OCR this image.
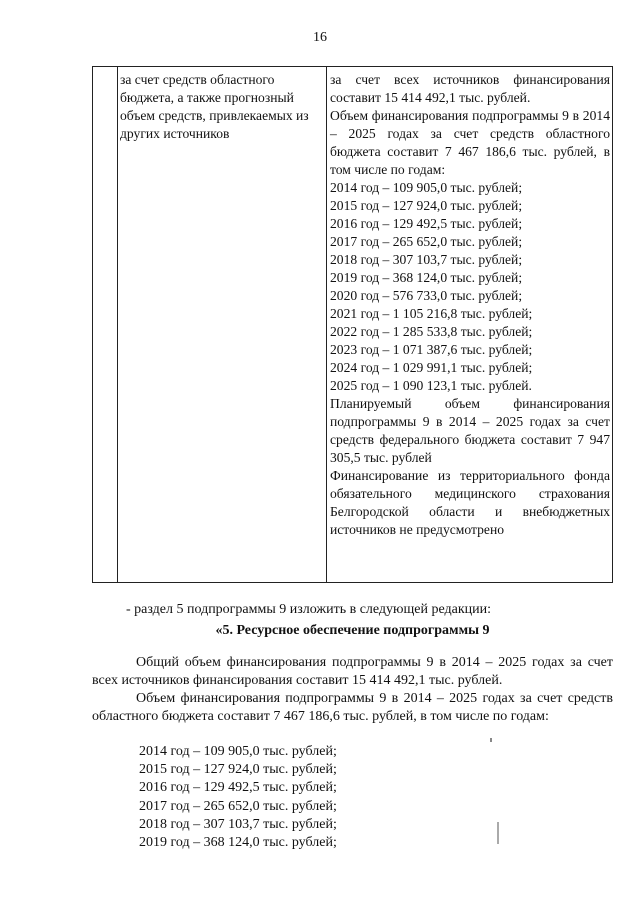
16

за счет средств областного бюджета, а также прогнозный объем средств, привлекаемых из других источников

за счет всех источников финансирования составит 15 414 492,1 тыс. рублей.

Объем финансирования подпрограммы 9 в 2014 – 2025 годах за счет средств областного бюджета составит 7 467 186,6 тыс. рублей, в том числе по годам:

2014 год – 109 905,0 тыс. рублей;

2015 год – 127 924,0 тыс. рублей;

2016 год – 129 492,5 тыс. рублей;

2017 год – 265 652,0 тыс. рублей;

2018 год – 307 103,7 тыс. рублей;

2019 год – 368 124,0 тыс. рублей;

2020 год – 576 733,0 тыс. рублей;

2021 год – 1 105 216,8 тыс. рублей;

2022 год – 1 285 533,8 тыс. рублей;

2023 год – 1 071 387,6 тыс. рублей;

2024 год – 1 029 991,1 тыс. рублей;

2025 год – 1 090 123,1 тыс. рублей.

Планируемый объем финансирования подпрограммы 9 в 2014 – 2025 годах за счет средств федерального бюджета составит 7 947 305,5 тыс. рублей

Финансирование из территориального фонда обязательного медицинского страхования Белгородской области и внебюджетных источников не предусмотрено

- раздел 5 подпрограммы 9 изложить в следующей редакции:
«5. Ресурсное обеспечение подпрограммы 9

Общий объем финансирования подпрограммы 9 в 2014 – 2025 годах за счет всех источников финансирования составит 15 414 492,1 тыс. рублей.

Объем финансирования подпрограммы 9 в 2014 – 2025 годах за счет средств областного бюджета составит 7 467 186,6 тыс. рублей, в том числе по годам:

2014 год – 109 905,0 тыс. рублей;
2015 год – 127 924,0 тыс. рублей;
2016 год – 129 492,5 тыс. рублей;
2017 год – 265 652,0 тыс. рублей;
2018 год – 307 103,7 тыс. рублей;
2019 год – 368 124,0 тыс. рублей;
